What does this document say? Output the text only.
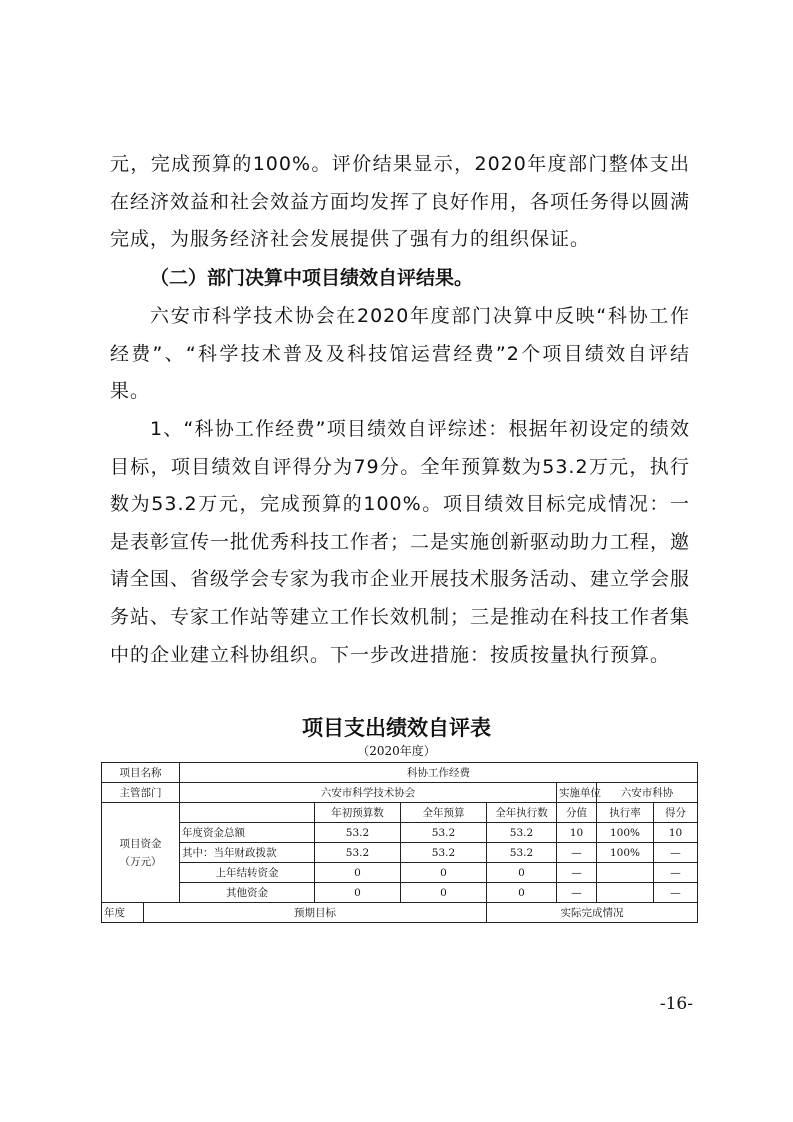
元，完成预算的100%。评价结果显示，2020年度部门整体支出在经济效益和社会效益方面均发挥了良好作用，各项任务得以圆满完成，为服务经济社会发展提供了强有力的组织保证。

（二）部门决算中项目绩效自评结果。

六安市科学技术协会在2020年度部门决算中反映“科协工作经费”、“科学技术普及及科技馆运营经费”2个项目绩效自评结果。

1、“科协工作经费”项目绩效自评综述：根据年初设定的绩效目标，项目绩效自评得分为79分。全年预算数为53.2万元，执行数为53.2万元，完成预算的100%。项目绩效目标完成情况：一是表彰宣传一批优秀科技工作者；二是实施创新驱动助力工程，邀请全国、省级学会专家为我市企业开展技术服务活动、建立学会服务站、专家工作站等建立工作长效机制；三是推动在科技工作者集中的企业建立科协组织。下一步改进措施：按质按量执行预算。

项目支出绩效自评表
（2020年度）
项目名称		科协工作经费						
主管部门		六安市科学技术协会				实施单位	六安市科协	
项目资金
（万元）			年初预算数	全年预算	全年执行数	分值	执行率	得分
		年度资金总额	53.2	53.2	53.2	10	100%	10
		其中：当年财政拨款	53.2	53.2	53.2	—	100%	—
		上年结转资金	0	0	0	—		—
		其他资金	0	0	0	—		—
年度	预期目标				实际完成情况			
-16-
